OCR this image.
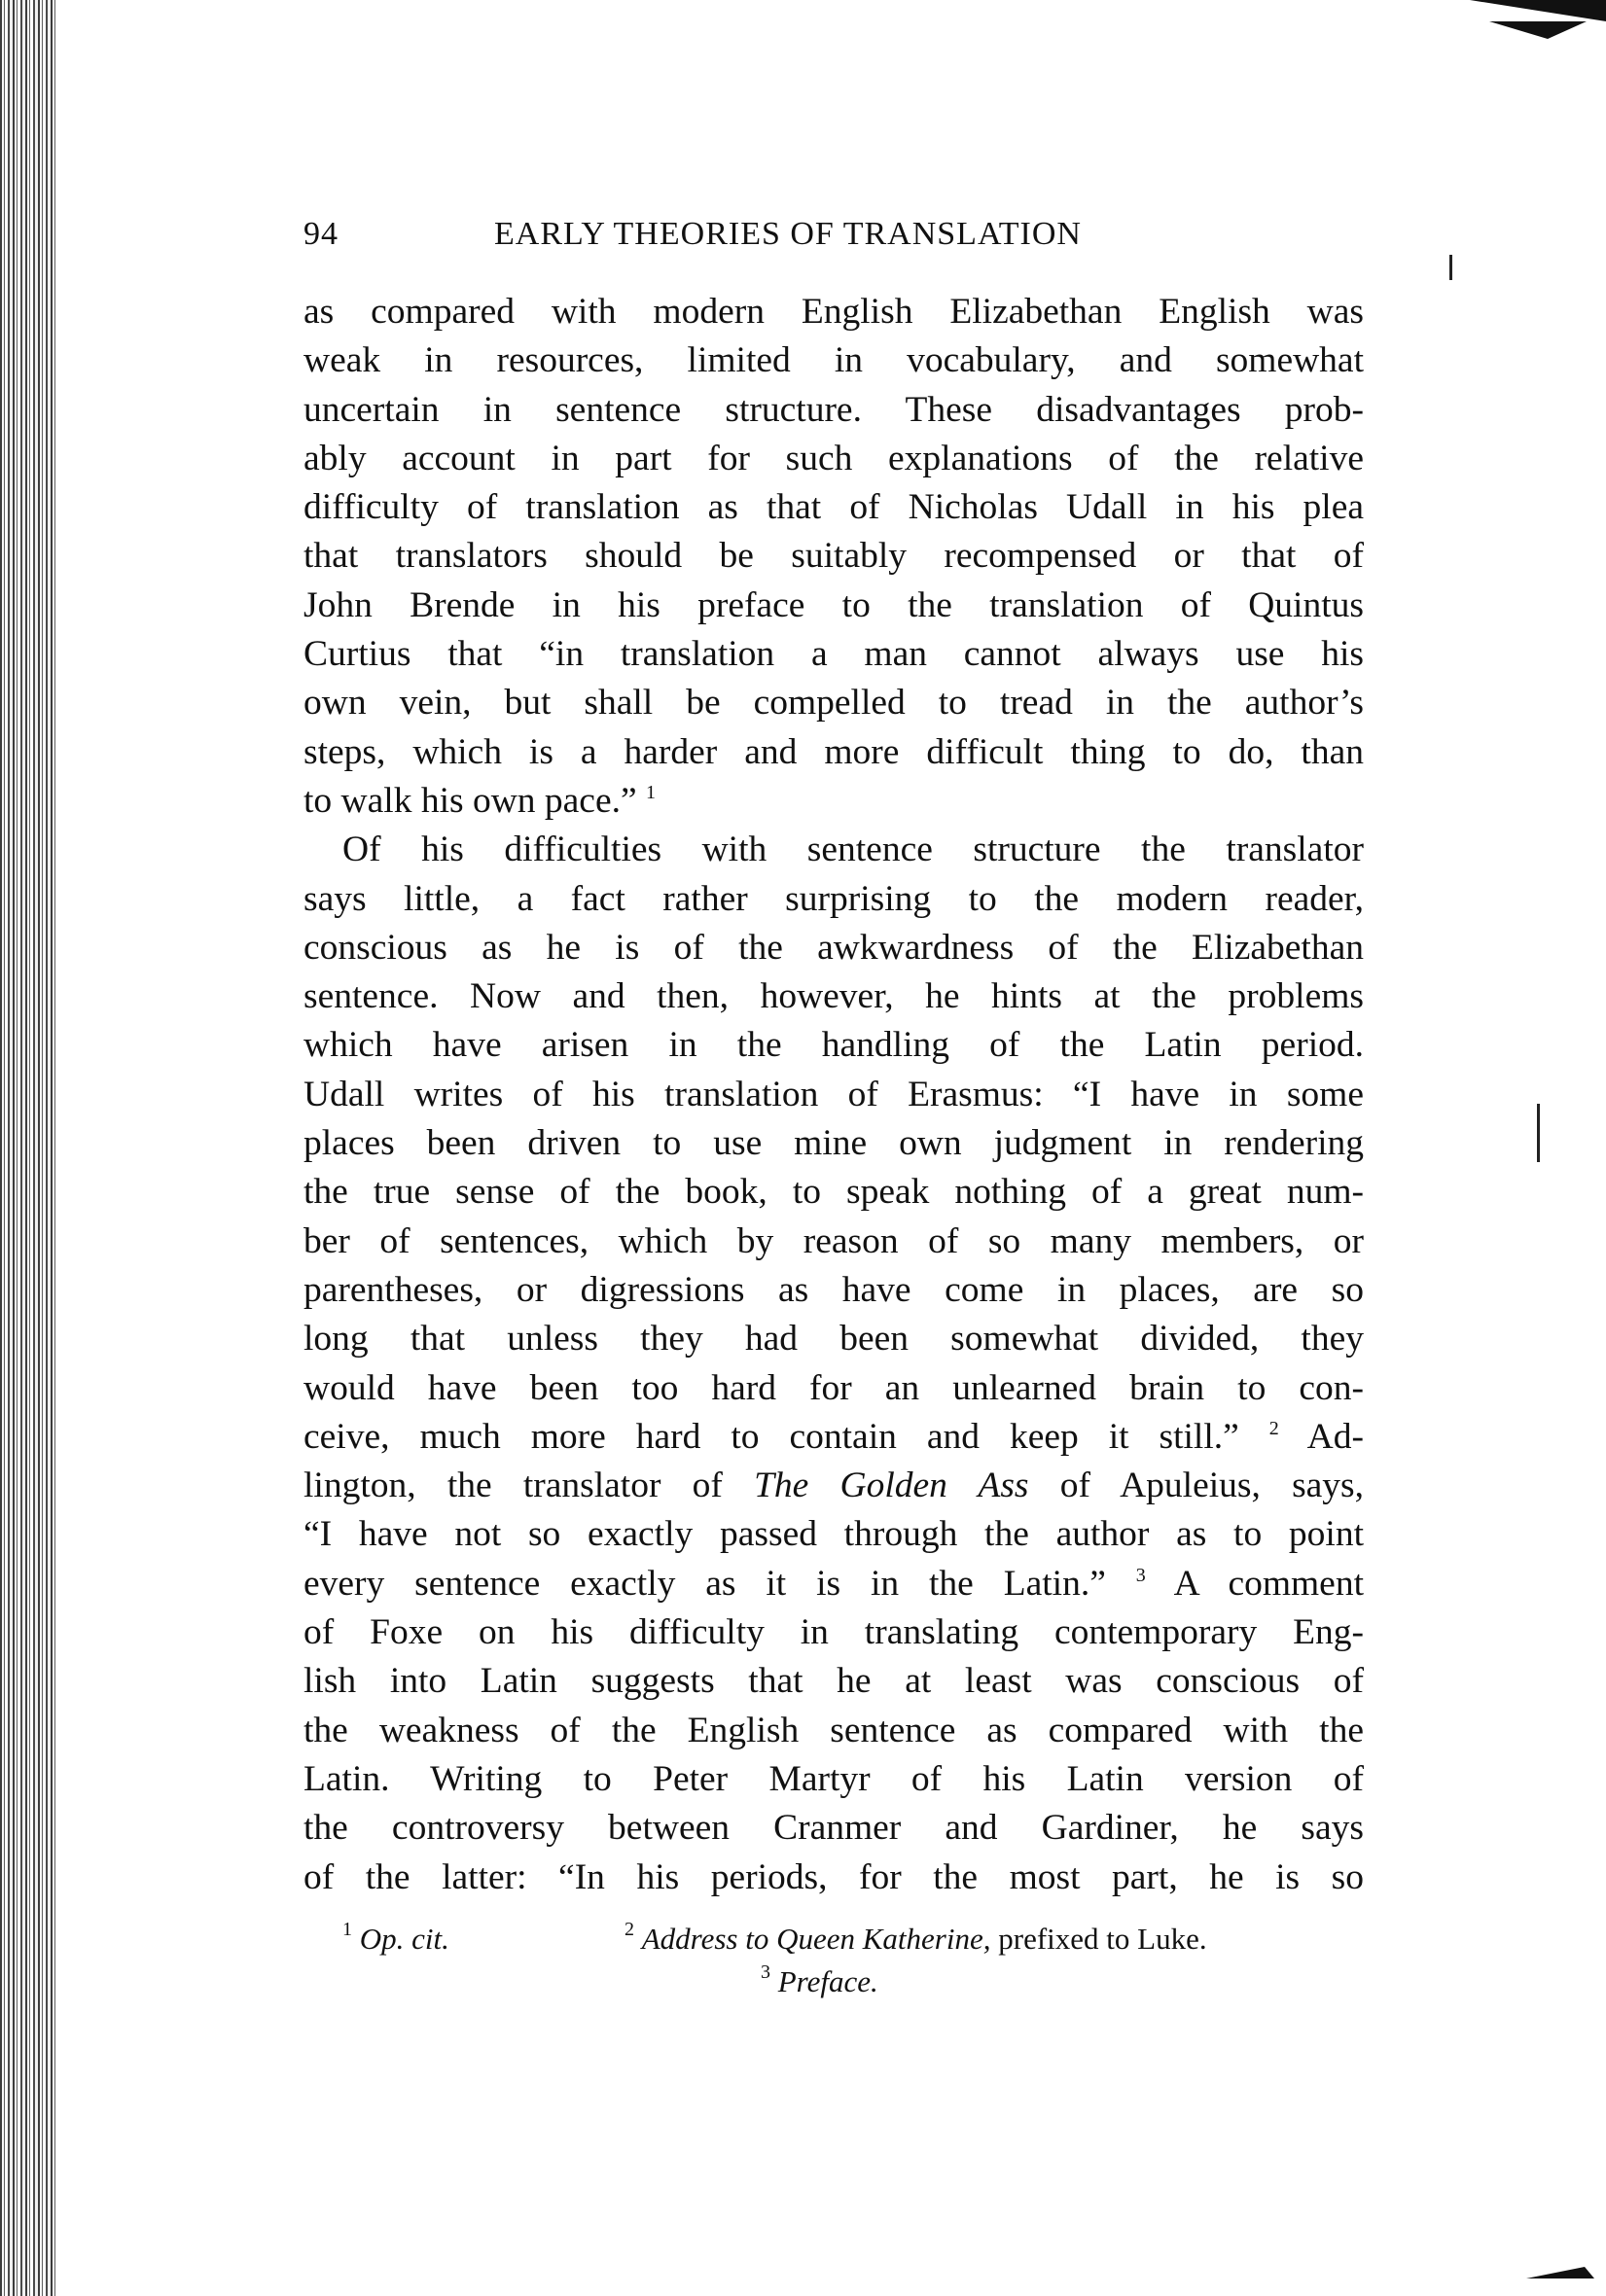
94	EARLY THEORIES OF TRANSLATION
as compared with modern English Elizabethan English was
weak in resources, limited in vocabulary, and somewhat
uncertain in sentence structure. These disadvantages prob-
ably account in part for such explanations of the relative
difficulty of translation as that of Nicholas Udall in his plea
that translators should be suitably recompensed or that of
John Brende in his preface to the translation of Quintus
Curtius that “in translation a man cannot always use his
own vein, but shall be compelled to tread in the author’s
steps, which is a harder and more difficult thing to do, than
to walk his own pace.” $^1$
Of his difficulties with sentence structure the translator
says little, a fact rather surprising to the modern reader,
conscious as he is of the awkwardness of the Elizabethan
sentence. Now and then, however, he hints at the problems
which have arisen in the handling of the Latin period.
Udall writes of his translation of Erasmus: “I have in some
places been driven to use mine own judgment in rendering
the true sense of the book, to speak nothing of a great num-
ber of sentences, which by reason of so many members, or
parentheses, or digressions as have come in places, are so
long that unless they had been somewhat divided, they
would have been too hard for an unlearned brain to con-
ceive, much more hard to contain and keep it still.” $^2$ Ad-
lington, the translator of The Golden Ass of Apuleius, says,
“I have not so exactly passed through the author as to point
every sentence exactly as it is in the Latin.” $^3$ A comment
of Foxe on his difficulty in translating contemporary Eng-
lish into Latin suggests that he at least was conscious of
the weakness of the English sentence as compared with the
Latin. Writing to Peter Martyr of his Latin version of
the controversy between Cranmer and Gardiner, he says
of the latter: “In his periods, for the most part, he is so
$^1$ Op. cit.	$^2$ Address to Queen Katherine, prefixed to Luke.
$^3$ Preface.
